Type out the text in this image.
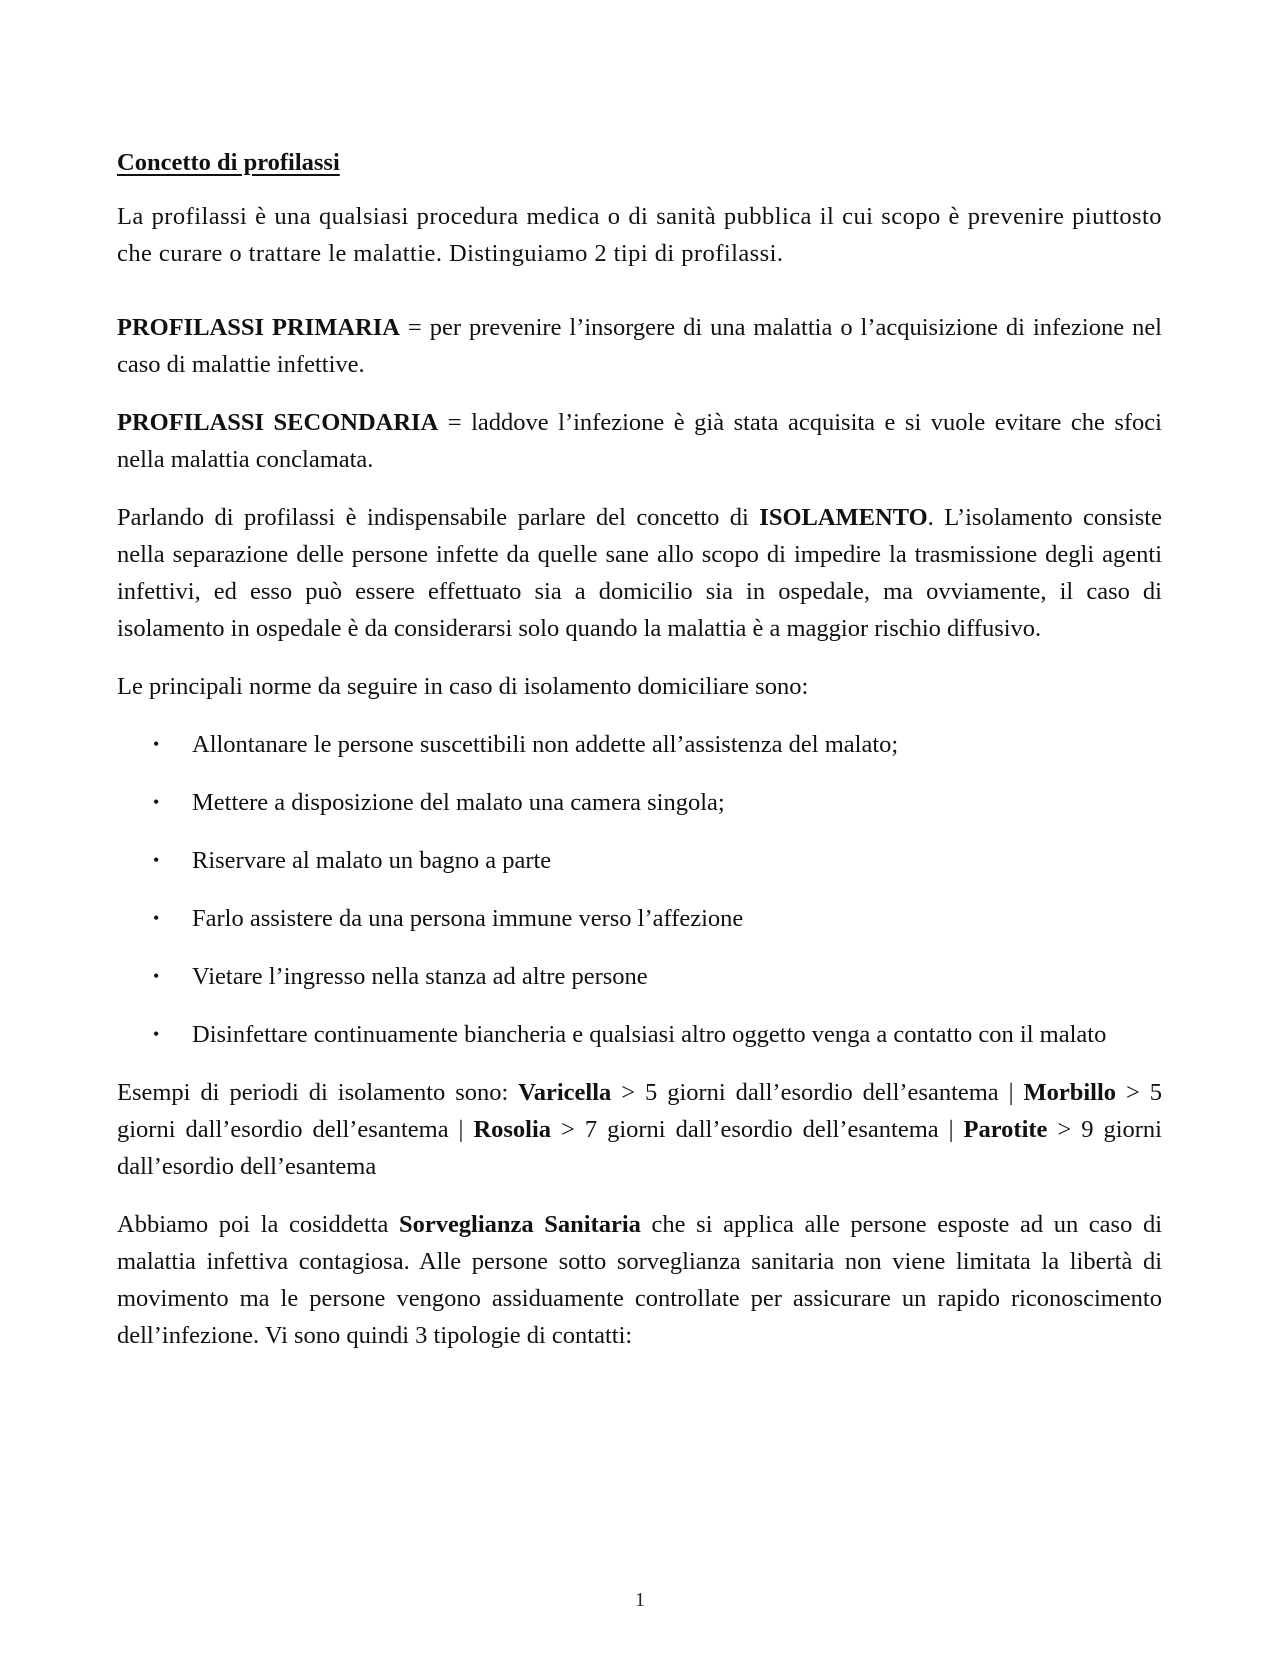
Concetto di profilassi

La profilassi è una qualsiasi procedura medica o di sanità pubblica il cui scopo è prevenire piuttosto che curare o trattare le malattie. Distinguiamo 2 tipi di profilassi.

PROFILASSI PRIMARIA = per prevenire l’insorgere di una malattia o l’acquisizione di infezione nel caso di malattie infettive.

PROFILASSI SECONDARIA = laddove l’infezione è già stata acquisita e si vuole evitare che sfoci nella malattia conclamata.

Parlando di profilassi è indispensabile parlare del concetto di ISOLAMENTO. L’isolamento consiste nella separazione delle persone infette da quelle sane allo scopo di impedire la trasmissione degli agenti infettivi, ed esso può essere effettuato sia a domicilio sia in ospedale, ma ovviamente, il caso di isolamento in ospedale è da considerarsi solo quando la malattia è a maggior rischio diffusivo.

Le principali norme da seguire in caso di isolamento domiciliare sono:

• Allontanare le persone suscettibili non addette all’assistenza del malato;
• Mettere a disposizione del malato una camera singola;
• Riservare al malato un bagno a parte
• Farlo assistere da una persona immune verso l’affezione
• Vietare l’ingresso nella stanza ad altre persone
• Disinfettare continuamente biancheria e qualsiasi altro oggetto venga a contatto con il malato

Esempi di periodi di isolamento sono: Varicella > 5 giorni dall’esordio dell’esantema | Morbillo > 5 giorni dall’esordio dell’esantema | Rosolia > 7 giorni dall’esordio dell’esantema | Parotite > 9 giorni dall’esordio dell’esantema

Abbiamo poi la cosiddetta Sorveglianza Sanitaria che si applica alle persone esposte ad un caso di malattia infettiva contagiosa. Alle persone sotto sorveglianza sanitaria non viene limitata la libertà di movimento ma le persone vengono assiduamente controllate per assicurare un rapido riconoscimento dell’infezione. Vi sono quindi 3 tipologie di contatti:

1
